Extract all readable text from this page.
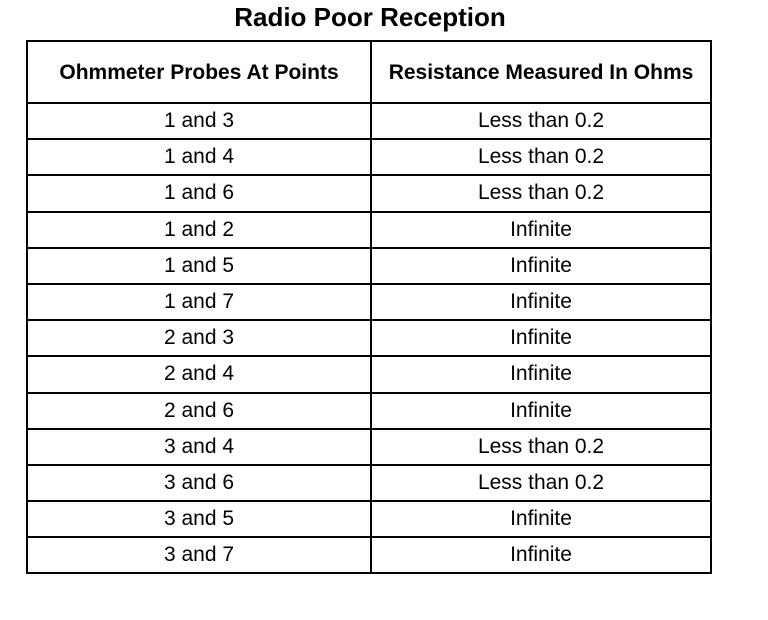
Radio Poor Reception
Ohmmeter Probes At Points	Resistance Measured In Ohms
1 and 3	Less than 0.2
1 and 4	Less than 0.2
1 and 6	Less than 0.2
1 and 2	Infinite
1 and 5	Infinite
1 and 7	Infinite
2 and 3	Infinite
2 and 4	Infinite
2 and 6	Infinite
3 and 4	Less than 0.2
3 and 6	Less than 0.2
3 and 5	Infinite
3 and 7	Infinite
